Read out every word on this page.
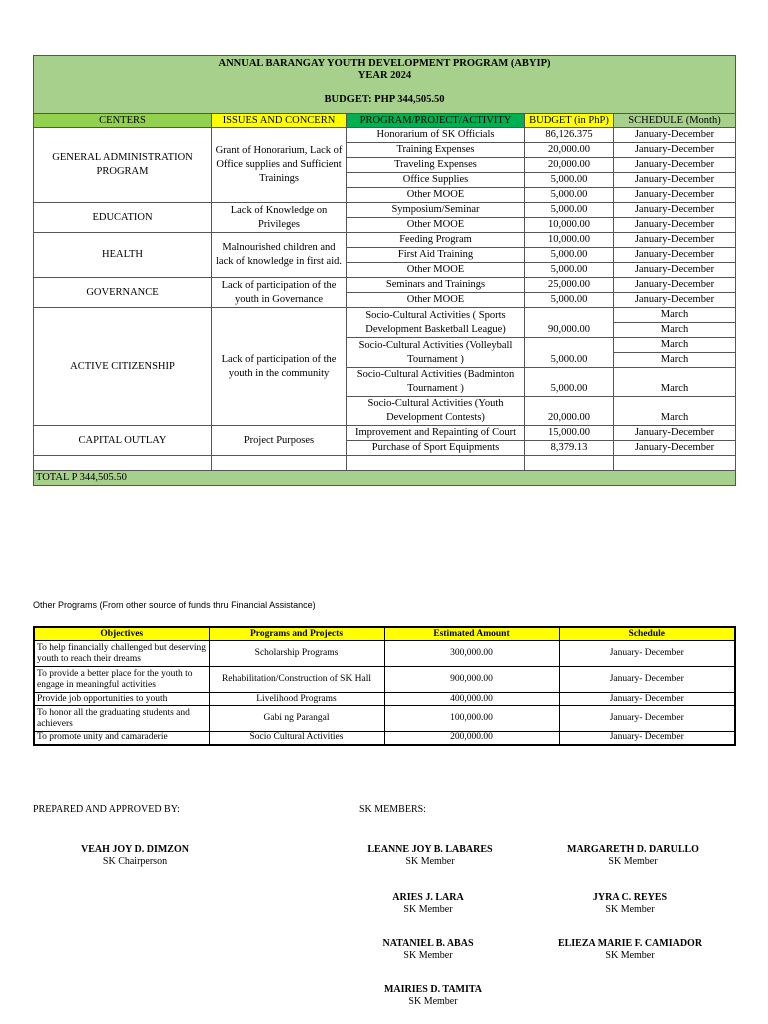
ANNUAL BARANGAY YOUTH DEVELOPMENT PROGRAM (ABYIP)
YEAR 2024
BUDGET: PHP 344,505.50				

CENTERS	ISSUES AND CONCERN	PROGRAM/PROJECT/ACTIVITY	BUDGET (in PhP)	SCHEDULE (Month)
GENERAL ADMINISTRATION PROGRAM	Grant of Honorarium, Lack of Office supplies and Sufficient Trainings	Honorarium of SK Officials	86,126.375	January-December
		Training Expenses	20,000.00	January-December
		Traveling Expenses	20,000.00	January-December
		Office Supplies	5,000.00	January-December
		Other MOOE	5,000.00	January-December
EDUCATION	Lack of Knowledge on Privileges	Symposium/Seminar	5,000.00	January-December
		Other MOOE	10,000.00	January-December
HEALTH	Malnourished children and lack of knowledge in first aid.	Feeding Program	10,000.00	January-December
		First Aid Training	5,000.00	January-December
		Other MOOE	5,000.00	January-December
GOVERNANCE	Lack of participation of the youth in Governance	Seminars and Trainings	25,000.00	January-December
		Other MOOE	5,000.00	January-December
ACTIVE CITIZENSHIP	Lack of participation of the youth in the community	Socio-Cultural Activities ( Sports Development Basketball League)	90,000.00	March
				March
		Socio-Cultural Activities (Volleyball Tournament )	5,000.00	March
				March
		Socio-Cultural Activities (Badminton Tournament )	5,000.00	March
		Socio-Cultural Activities (Youth Development Contests)	20,000.00	March
CAPITAL OUTLAY	Project Purposes	Improvement and Repainting of Court	15,000.00	January-December
		Purchase of Sport Equipments	8,379.13	January-December

TOTAL P 344,505.50				
Other Programs (From other source of funds thru Financial Assistance)
Objectives	Programs and Projects	Estimated Amount	Schedule
To help financially challenged but deserving youth to reach their dreams	Scholarship Programs	300,000.00	January- December
To provide a better place for the youth to engage in meaningful activities	Rehabilitation/Construction of SK Hall	900,000.00	January- December
Provide job opportunities to youth	Livelihood Programs	400,000.00	January- December
To honor all the graduating students and achievers	Gabi ng Parangal	100,000.00	January- December
To promote unity and camaraderie	Socio Cultural Activities	200,000.00	January- December
PREPARED AND APPROVED BY:	SK MEMBERS:
VEAH JOY D. DIMZON
SK Chairperson
LEANNE JOY B. LABARES
SK Member
MARGARETH D. DARULLO
SK Member
ARIES J. LARA
SK Member
JYRA C. REYES
SK Member
NATANIEL B. ABAS
SK Member
ELIEZA MARIE F. CAMIADOR
SK Member
MAIRIES D. TAMITA
SK Member
